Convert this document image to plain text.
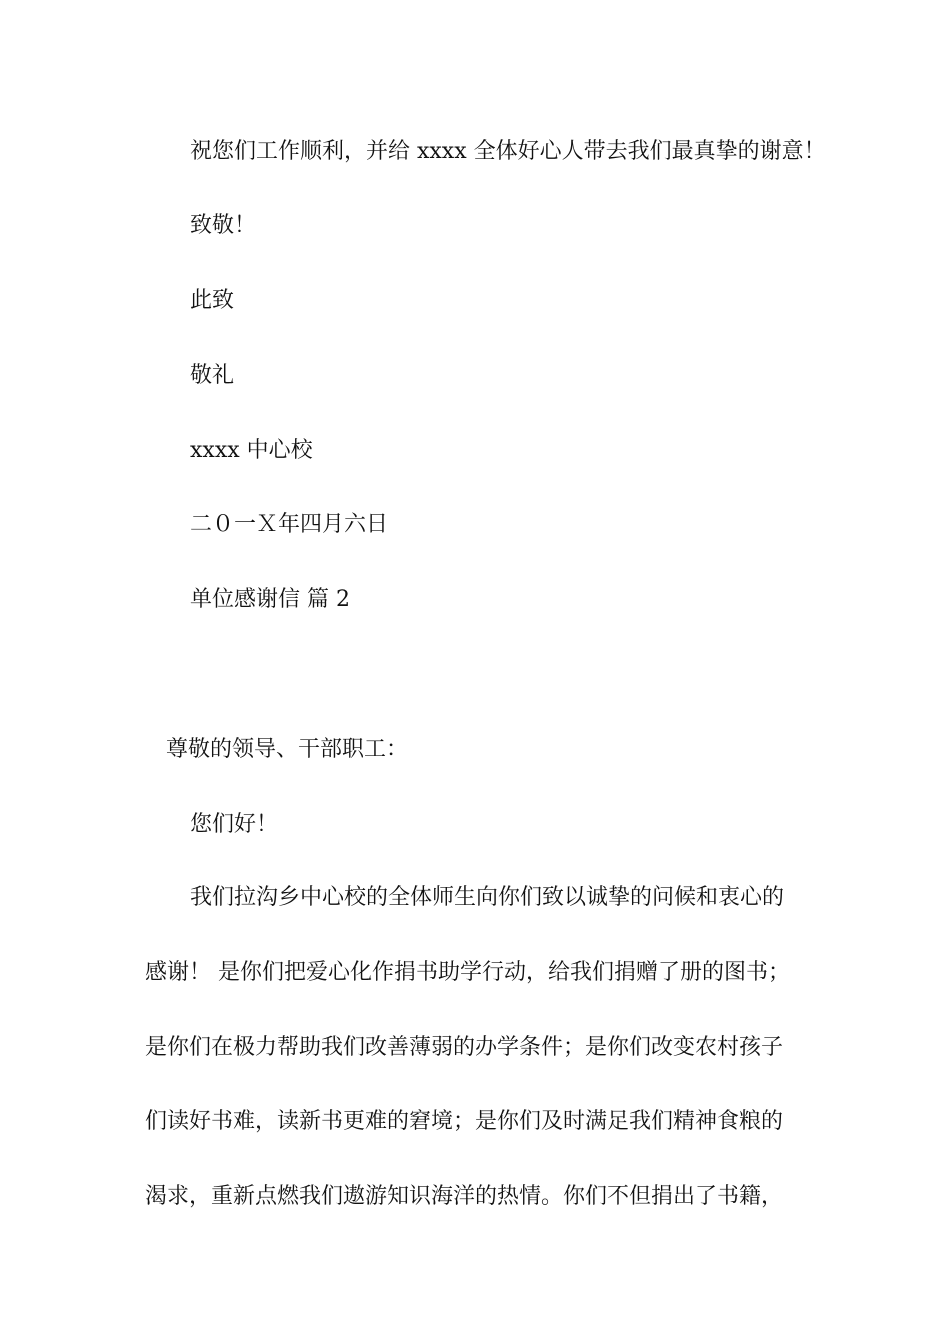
祝您们工作顺利，并给 xxxx 全体好心人带去我们最真挚的谢意！
致敬！
此致
敬礼
xxxx 中心校
二０一Ｘ年四月六日
单位感谢信 篇 2
尊敬的领导、干部职工：
您们好！
我们拉沟乡中心校的全体师生向你们致以诚挚的问候和衷心的
感谢！ 是你们把爱心化作捐书助学行动，给我们捐赠了册的图书；
是你们在极力帮助我们改善薄弱的办学条件；是你们改变农村孩子
们读好书难，读新书更难的窘境；是你们及时满足我们精神食粮的
渴求，重新点燃我们遨游知识海洋的热情。你们不但捐出了书籍，
